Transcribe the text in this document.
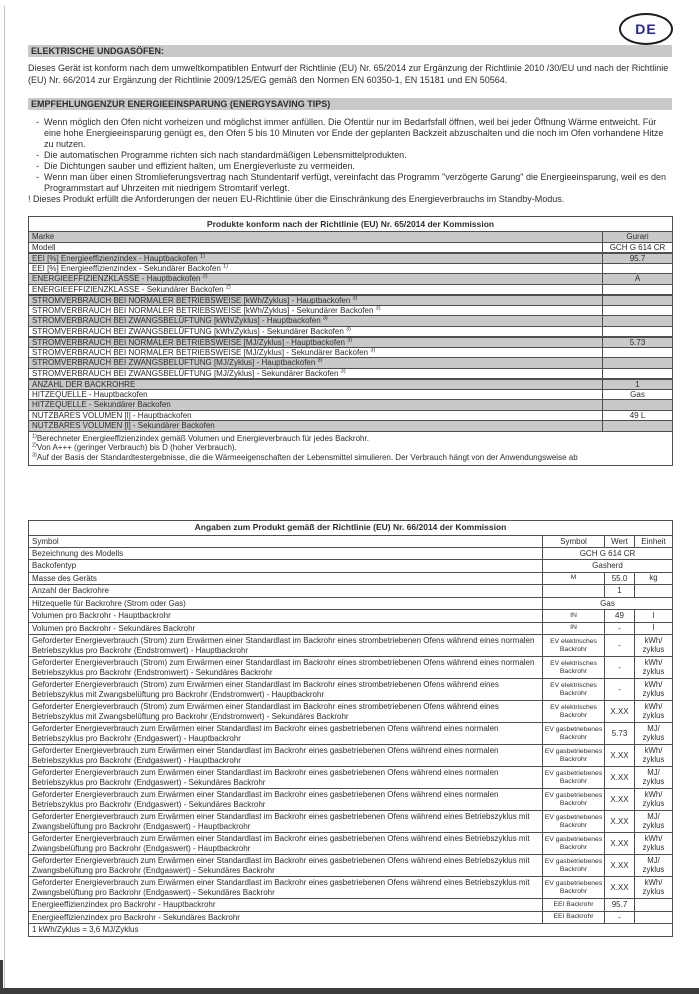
DE
ELEKTRISCHE UNDGASÖFEN:
Dieses Gerät ist konform nach dem umweltkompatiblen Entwurf der Richtlinie (EU) Nr. 65/2014 zur Ergänzung der Richtlinie 2010 /30/EU und nach der Richtlinie (EU) Nr. 66/2014 zur Ergänzung der Richtlinie 2009/125/EG gemäß den Normen EN 60350-1, EN 15181 und EN 50564.
EMPFEHLUNGENZUR ENERGIEEINSPARUNG (ENERGYSAVING TIPS)
- Wenn möglich den Ofen nicht vorheizen und möglichst immer anfüllen. Die Ofentür nur im Bedarfsfall öffnen, weil bei jeder Öffnung Wärme entweicht. Für eine hohe Energieeinsparung genügt es, den Ofen 5 bis 10 Minuten vor Ende der geplanten Backzeit abzuschalten und die noch im Ofen vorhandene Hitze zu nutzen.
- Die automatischen Programme richten sich nach standardmäßigen Lebensmittelprodukten.
- Die Dichtungen sauber und effizient halten, um Energieverluste zu vermeiden.
- Wenn man über einen Stromlieferungsvertrag nach Stundentarif verfügt, vereinfacht das Programm "verzögerte Garung" die Energieeinsparung, weil es den Programmstart auf Uhrzeiten mit niedrigem Stromtarif verlegt.
! Dieses Produkt erfüllt die Anforderungen der neuen EU-Richtlinie über die Einschränkung des Energieverbrauchs im Standby-Modus.
Produkte konform nach der Richtlinie (EU) Nr. 65/2014 der Kommission	
Marke	Gurari
Modell	GCH G 614 CR
EEI [%] Energieeffizienzindex - Hauptbackofen $^{1)}$	95.7
EEI [%] Energieeffizienzindex - Sekundärer Backofen $^{1)}$	
ENERGIEEFFIZIENZKLASSE - Hauptbackofen $^{2)}$	A
ENERGIEEFFIZIENZKLASSE - Sekundärer Backofen $^{2)}$	
STROMVERBRAUCH BEI NORMALER BETRIEBSWEISE [kWh/Zyklus] - Hauptbackofen $^{3)}$	
STROMVERBRAUCH BEI NORMALER BETRIEBSWEISE [kWh/Zyklus] - Sekundärer Backofen $^{3)}$	
STROMVERBRAUCH BEI ZWANGSBELÜFTUNG [kWh/Zyklus] - Hauptbackofen $^{3)}$	
STROMVERBRAUCH BEI ZWANGSBELÜFTUNG [kWh/Zyklus] - Sekundärer Backofen $^{3)}$	
STROMVERBRAUCH BEI NORMALER BETRIEBSWEISE [MJ/Zyklus] - Hauptbackofen $^{3)}$	5.73
STROMVERBRAUCH BEI NORMALER BETRIEBSWEISE [MJ/Zyklus] - Sekundärer Backofen $^{3)}$	
STROMVERBRAUCH BEI ZWANGSBELÜFTUNG [MJ/Zyklus] - Hauptbackofen $^{3)}$	
STROMVERBRAUCH BEI ZWANGSBELÜFTUNG [MJ/Zyklus] - Sekundärer Backofen $^{3)}$	
ANZAHL DER BACKROHRE	1
HITZEQUELLE - Hauptbackofen	Gas
HITZEQUELLE - Sekundärer Backofen	
NUTZBARES VOLUMEN [l] - Hauptbackofen	49 L
NUTZBARES VOLUMEN [l] - Sekundärer Backofen	

$^{1)}$Berechneter Energieeffizienzindex gemäß Volumen und Energieverbrauch für jedes Backrohr.
$^{2)}$Von A+++ (geringer Verbrauch) bis D (hoher Verbrauch).
$^{3)}$Auf der Basis der Standardtestergebnisse, die die Wärmeeigenschaften der Lebensmittel simulieren. Der Verbrauch hängt von der Anwendungsweise ab	
Angaben zum Produkt gemäß der Richtlinie (EU) Nr. 66/2014 der Kommission			
Symbol	Symbol	Wert	Einheit
Bezeichnung des Modells	GCH G 614 CR		
Backofentyp	Gasherd		
Masse des Geräts	M	55.0	kg
Anzahl der Backrohre		1	
Hitzequelle für Backrohre (Strom oder Gas)	Gas		
Volumen pro Backrohr - Hauptbackrohr	IN	49	l
Volumen pro Backrohr - Sekundäres Backrohr	IN	-	l
Geforderter Energieverbrauch (Strom) zum Erwärmen einer Standardlast im Backrohr eines strombetriebenen Ofens während eines normalen Betriebszyklus pro Backrohr (Endstromwert) - Hauptbackrohr	EV elektrisches Backrohr	-	kWh/ zyklus
Geforderter Energieverbrauch (Strom) zum Erwärmen einer Standardlast im Backrohr eines strombetriebenen Ofens während eines normalen Betriebszyklus pro Backrohr (Endstromwert) - Sekundäres Backrohr	EV elektrisches Backrohr	-	kWh/ zyklus
Geforderter Energieverbrauch (Strom) zum Erwärmen einer Standardlast im Backrohr eines strombetriebenen Ofens während eines Betriebszyklus mit Zwangsbelüftung pro Backrohr (Endstromwert) - Hauptbackrohr	EV elektrisches Backrohr	-	kWh/ zyklus
Geforderter Energieverbrauch (Strom) zum Erwärmen einer Standardlast im Backrohr eines strombetriebenen Ofens während eines Betriebszyklus mit Zwangsbelüftung pro Backrohr (Endstromwert) - Sekundäres Backrohr	EV elektrisches Backrohr	X.XX	kWh/ zyklus
Geforderter Energieverbrauch zum Erwärmen einer Standardlast im Backrohr eines gasbetriebenen Ofens während eines normalen Betriebszyklus pro Backrohr (Endgaswert) - Hauptbackrohr	EV gasbetriebenes Backrohr	5.73	MJ/ zyklus
Geforderter Energieverbrauch zum Erwärmen einer Standardlast im Backrohr eines gasbetriebenen Ofens während eines normalen Betriebszyklus pro Backrohr (Endgaswert) - Hauptbackrohr	EV gasbetriebenes Backrohr	X.XX	kWh/ zyklus
Geforderter Energieverbrauch zum Erwärmen einer Standardlast im Backrohr eines gasbetriebenen Ofens während eines normalen Betriebszyklus pro Backrohr (Endgaswert) - Sekundäres Backrohr	EV gasbetriebenes Backrohr	X.XX	MJ/ zyklus
Geforderter Energieverbrauch zum Erwärmen einer Standardlast im Backrohr eines gasbetriebenen Ofens während eines normalen Betriebszyklus pro Backrohr (Endgaswert) - Sekundäres Backrohr	EV gasbetriebenes Backrohr	X.XX	kWh/ zyklus
Geforderter Energieverbrauch zum Erwärmen einer Standardlast im Backrohr eines gasbetriebenen Ofens während eines Betriebszyklus mit Zwangsbelüftung pro Backrohr (Endgaswert) - Hauptbackrohr	EV gasbetriebenes Backrohr	X.XX	MJ/ zyklus
Geforderter Energieverbrauch zum Erwärmen einer Standardlast im Backrohr eines gasbetriebenen Ofens während eines Betriebszyklus mit Zwangsbelüftung pro Backrohr (Endgaswert) - Hauptbackrohr	EV gasbetriebenes Backrohr	X.XX	kWh/ zyklus
Geforderter Energieverbrauch zum Erwärmen einer Standardlast im Backrohr eines gasbetriebenen Ofens während eines Betriebszyklus mit Zwangsbelüftung pro Backrohr (Endgaswert) - Sekundäres Backrohr	EV gasbetriebenes Backrohr	X.XX	MJ/ zyklus
Geforderter Energieverbrauch zum Erwärmen einer Standardlast im Backrohr eines gasbetriebenen Ofens während eines Betriebszyklus mit Zwangsbelüftung pro Backrohr (Endgaswert) - Sekundäres Backrohr	EV gasbetriebenes Backrohr	X.XX	kWh/ zyklus
Energieeffizienzindex pro Backrohr - Hauptbackrohr	EEI Backrohr	95.7	
Energieeffizienzindex pro Backrohr - Sekundäres Backrohr	EEI Backrohr	-	
1 kWh/Zyklus = 3,6 MJ/Zyklus			
